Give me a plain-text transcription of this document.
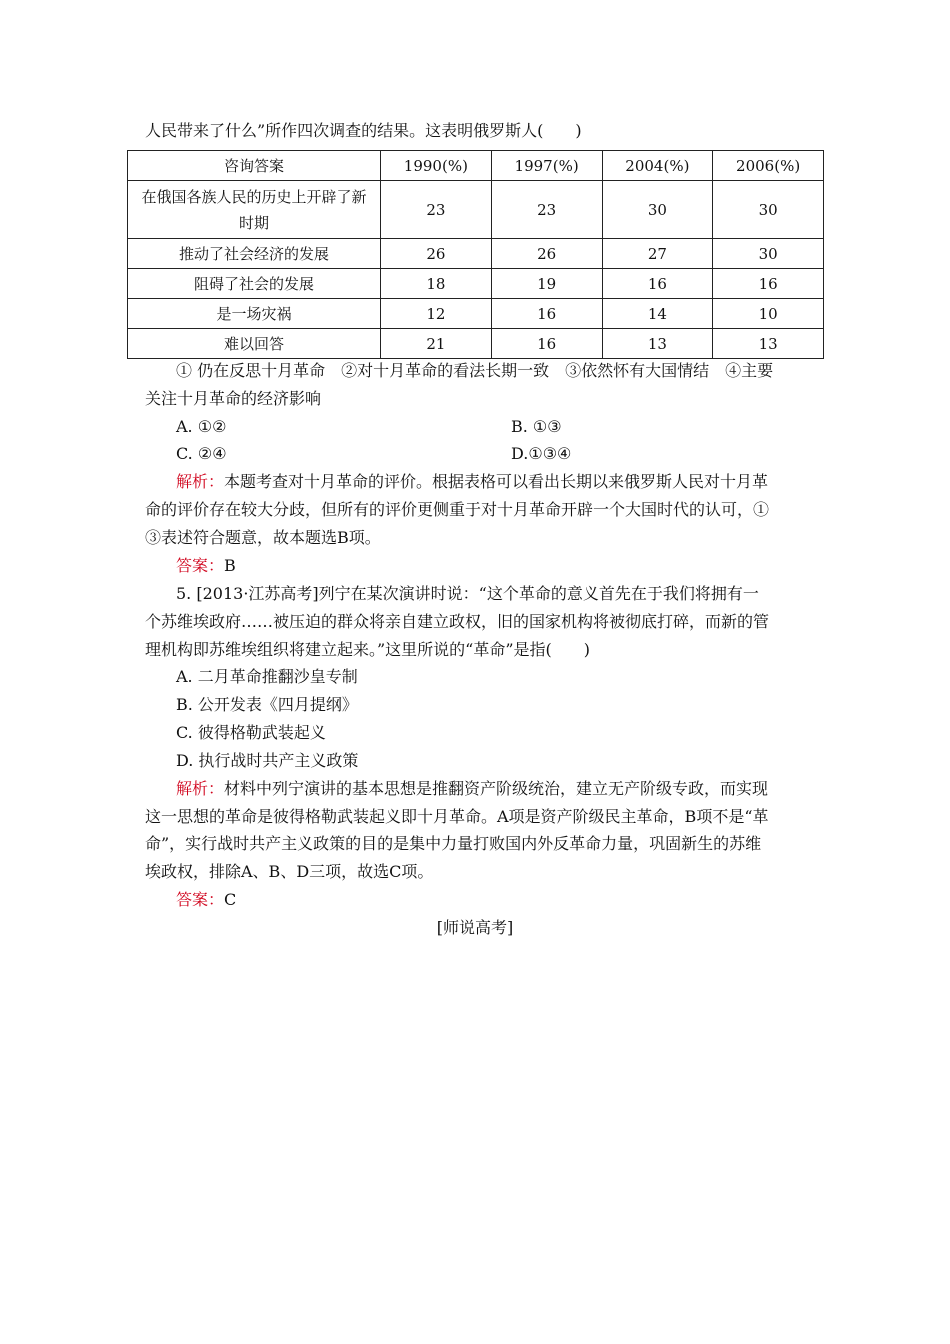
人民带来了什么”所作四次调查的结果。这表明俄罗斯人(　　)
咨询答案	1990(%)	1997(%)	2004(%)	2006(%)
在俄国各族人民的历史上开辟了新时期	23	23	30	30
推动了社会经济的发展	26	26	27	30
阻碍了社会的发展	18	19	16	16
是一场灾祸	12	16	14	10
难以回答	21	16	13	13
① 仍在反思十月革命　②对十月革命的看法长期一致　③依然怀有大国情结　④主要
关注十月革命的经济影响
A. ①②	B. ①③
C. ②④	D.①③④
解析：本题考查对十月革命的评价。根据表格可以看出长期以来俄罗斯人民对十月革
命的评价存在较大分歧，但所有的评价更侧重于对十月革命开辟一个大国时代的认可，①
③表述符合题意，故本题选B项。
答案：B
5. [2013·江苏高考]列宁在某次演讲时说：“这个革命的意义首先在于我们将拥有一
个苏维埃政府……被压迫的群众将亲自建立政权，旧的国家机构将被彻底打碎，而新的管
理机构即苏维埃组织将建立起来。”这里所说的“革命”是指(　　)
A. 二月革命推翻沙皇专制
B. 公开发表《四月提纲》
C. 彼得格勒武装起义
D. 执行战时共产主义政策
解析：材料中列宁演讲的基本思想是推翻资产阶级统治，建立无产阶级专政，而实现
这一思想的革命是彼得格勒武装起义即十月革命。A项是资产阶级民主革命，B项不是“革
命”，实行战时共产主义政策的目的是集中力量打败国内外反革命力量，巩固新生的苏维
埃政权，排除A、B、D三项，故选C项。
答案：C
[师说高考]
